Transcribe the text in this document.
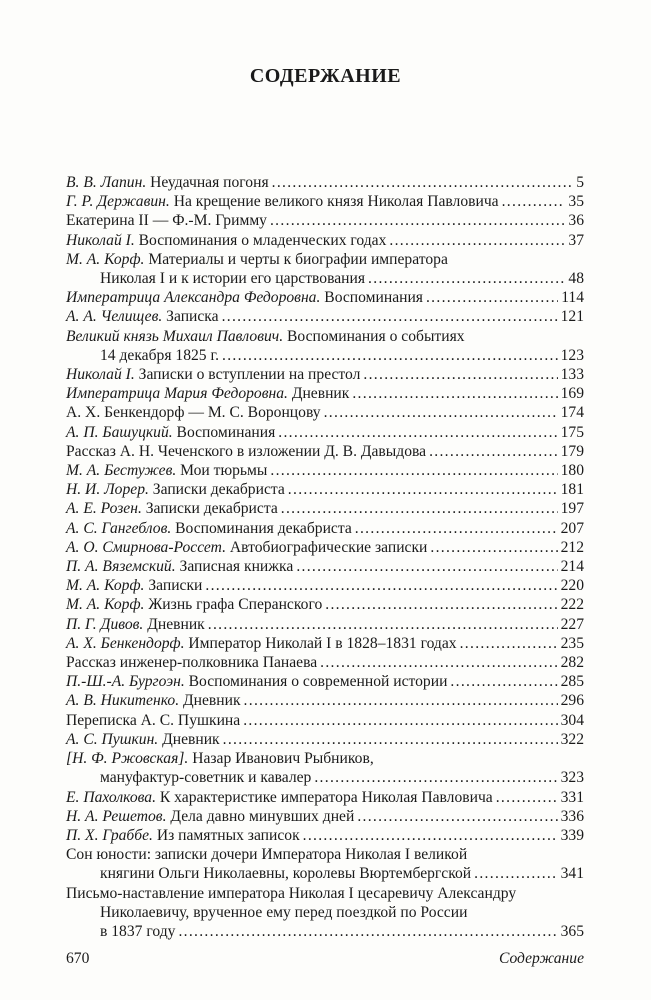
СОДЕРЖАНИЕ
В. В. Лапин. Неудачная погоня .....	5
Г. Р. Державин. На крещение великого князя Николая Павловича .....	35
Екатерина II — Ф.-М. Гримму .....	36
Николай I. Воспоминания о младенческих годах .....	37
М. А. Корф. Материалы и черты к биографии императора
Николая I и к истории его царствования .....	48
Императрица Александра Федоровна. Воспоминания .....	114
А. А. Челищев. Записка .....	121
Великий князь Михаил Павлович. Воспоминания о событиях
14 декабря 1825 г. .....	123
Николай I. Записки о вступлении на престол .....	133
Императрица Мария Федоровна. Дневник .....	169
А. Х. Бенкендорф — М. С. Воронцову .....	174
А. П. Башуцкий. Воспоминания .....	175
Рассказ А. Н. Чеченского в изложении Д. В. Давыдова .....	179
М. А. Бестужев. Мои тюрьмы .....	180
Н. И. Лорер. Записки декабриста .....	181
А. Е. Розен. Записки декабриста .....	197
А. С. Гангеблов. Воспоминания декабриста .....	207
А. О. Смирнова-Россет. Автобиографические записки .....	212
П. А. Вяземский. Записная книжка .....	214
М. А. Корф. Записки .....	220
М. А. Корф. Жизнь графа Сперанского .....	222
П. Г. Дивов. Дневник .....	227
А. Х. Бенкендорф. Император Николай I в 1828–1831 годах .....	235
Рассказ инженер-полковника Панаева .....	282
П.-Ш.-А. Бургоэн. Воспоминания о современной истории .....	285
А. В. Никитенко. Дневник .....	296
Переписка А. С. Пушкина .....	304
А. С. Пушкин. Дневник .....	322
[Н. Ф. Ржовская]. Назар Иванович Рыбников,
мануфактур-советник и кавалер .....	323
Е. Пахолкова. К характеристике императора Николая Павловича .....	331
Н. А. Решетов. Дела давно минувших дней .....	336
П. Х. Граббе. Из памятных записок .....	339
Сон юности: записки дочери Императора Николая I великой
княгини Ольги Николаевны, королевы Вюртембергской .....	341
Письмо-наставление императора Николая I цесаревичу Александру
Николаевичу, врученное ему перед поездкой по России
в 1837 году .....	365
670	Содержание
